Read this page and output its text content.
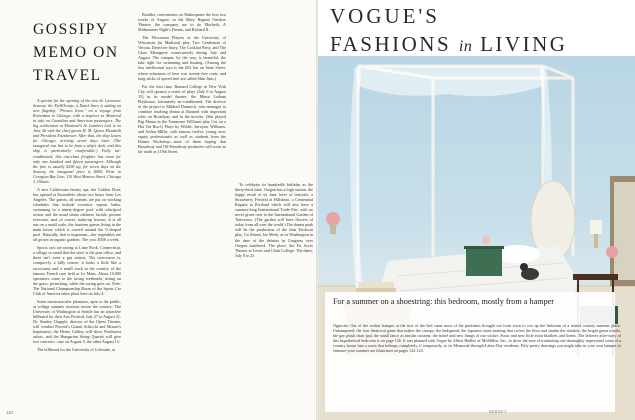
GOSSIPY
MEMO ON
TRAVEL

A special for the opening of the new St. Lawrence Seaway: the FjellOranje, a Dutch liner, is sailing on new flagship, "Prinses Irene," on a voyage from Rotterdam to Chicago, with a stopover in Montreal to take on Canadian and American passengers. The big celebration at Montreal's St. Lambert lock is on June 26 with the chief guests H. M. Queen Elizabeth and President Eisenhower. After that, the ship leaves for Chicago, arriving seven days later. (The inaugural run has to be from a ship's deck, and this ship is particularly comfortable.) Fully air-conditioned, this one-class freighter has room for only one hundred and fifteen passengers. Although the fare is usually $290 up, for seven days on the Seaway, the inaugural price is $400. Write to Georgian Bay Line, 110 West Monroe Street, Chicago 3, Illinois.

A new Californian beauty spa, the Golden Door, has opened at Escondido, about two hours from Los Angeles. The guests, all women, are put on working schedules that include eccentric vapour baths, swimming in a ninety-degree pool with whirlpool action, and the usual steam cabinets, facials, posture exercises, and, of course, make-up lessons. It is all run on a small scale, the fourteen guests living in the main house which is curved around the U-shaped pool. Naturally, that is important—the vegetables are all grown in organic gardens. The cost: $350 a week.

Sports cars are racing at Lime Rock, Connecticut, a village so small that the store is the post office, and there isn't even a gas station. The racecourse is, compact-ly a hilly course; it looks a little like a racecourse and a small track in the country of the famous French race held at Le Mans. About 10,000 spectators come to the racing weekends, sitting on the grass, picnicking, while the racing goes on. Note: The National Championship Races of the Sports Car Club of America takes place here on July 4.

Some extracurricular pleasures, open to the public, at college summer sessions across the country: The University of Washington at Seattle has an attractive billboard for their Arts Festival, July 27 to August 21. Dr. Stanley Chapple, director of the Opera Theatre, will conduct Puccini's Gianni Schicchi and Mozart's Impresario; the Henry Gallery will show Northwest artists, and the Hungarian String Quartet will give two concerts—one on August 5, the other August 13.

The billboard for the University of Colorado, at

Boulder, concentrates on Shakespeare the first two weeks of August: in the Mary Rippon Outdoor Theatre, the company are to do Macbeth, A Midsummer Night's Dream, and Richard II.

The Wisconsin Players at the University of Wisconsin (in Madison) play Two Gentlemen of Verona, Detective Story, The Cocktail Party, and The Glass Menagerie consecutively during July and August. The campus, by the way, is beautiful, the lake right for swimming and boating. (Among the less intellectual joys is the 602 bar on State Street, where schooners of beer cost twenty-five cents, and long sticks of spiced beef are called Slim Jims.)

For the first time, Barnard College in New York City will sponsor a series of plays (July 6 to August 15) in its model theatre, the Minor Latham Playhouse, fortunately air-conditioned. The director of the project is Mildred Dunnock, who manages to combine teaching drama at Barnard with important roles on Broadway and in the movies. (She played Big Mama in the Tennessee Williams play Cat on a Hot Tin Roof.) Plays by Wilder, Saroyan, Williams, and Arthur Miller, with famous twelve, young, non-equity professionals as well as students from the Drama Workshop—most of them hoping that Broadway and Off-Broadway producers will scout as far north as 119th Street.

To celebrate its hundredth birthday as the thirty-third state, Oregon has a high station, the happy result of its June lover of festivals: a Strawberry Festival at Hillsboro, a Centennial Regatta at Portland which will also have a summer-long International Trade Fair, with no never given over to the International Garden of Tomorrow. (The garden will have flowers of today from all over the world.) The drama peak will be the production of the Jane Erickson play, Go Ahead, Joe Meek, at its Washington in the time of the debates in Congress over Oregon statehood. The place: the Fir Acres Theater at Lewis and Clark College. The dates, July 8 to 25.

120
VOGUE'S
FASHIONS in LIVING
For a summer on a shoestring: this bedroom, mostly from a hamper
Opposite: Out of the wicker hamper at the foot of the bed came most of the prettiness brought out from town to vex up the bedroom of a rented country summer place. Unhampered: the four theatrical game that makes the canopy; the bedspread; the Japanese straw matting that covers the floor and shades the window; the bright green towels, the gay plush chair pad, the small fancy as muslin curtains; the moiré and new things of our wicker. Straw and new little extra blankets and linens. The leftover after-story of this hypothetical bedroom is on page 126. It was planned with Vogue by Albert Hadley of McMillen, Inc., to show the ease of translating one thoroughly impersonal room of a country house into a room that belongs completely, if temporarily, to its Memorial-through-Labor-Day residents. Fifty pretty drawings you might take in your own hamper to enhance your summer are illustrated on pages 122-123.
BERNET
